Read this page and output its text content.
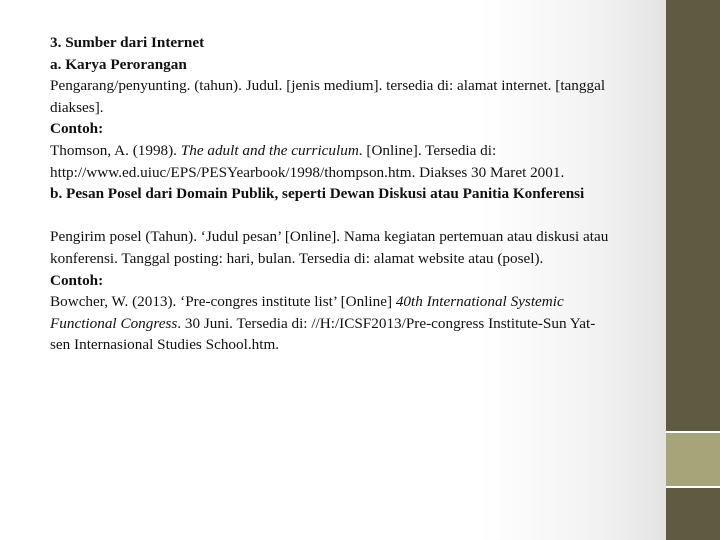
3. Sumber dari Internet

a. Karya Perorangan

Pengarang/penyunting. (tahun). Judul. [jenis medium]. tersedia di: alamat internet. [tanggal diakses].

Contoh:

Thomson, A. (1998). The adult and the curriculum. [Online]. Tersedia di: http://www.ed.uiuc/EPS/PESYearbook/1998/thompson.htm. Diakses 30 Maret 2001.

b. Pesan Posel dari Domain Publik, seperti Dewan Diskusi atau Panitia Konferensi

Pengirim posel (Tahun). ‘Judul pesan’ [Online]. Nama kegiatan pertemuan atau diskusi atau konferensi. Tanggal posting: hari, bulan. Tersedia di: alamat website atau (posel).

Contoh:

Bowcher, W. (2013). ‘Pre-congres institute list’ [Online] 40th International Systemic Functional Congress. 30 Juni. Tersedia di: //H:/ICSF2013/Pre-congress Institute-Sun Yat-sen Internasional Studies School.htm.
